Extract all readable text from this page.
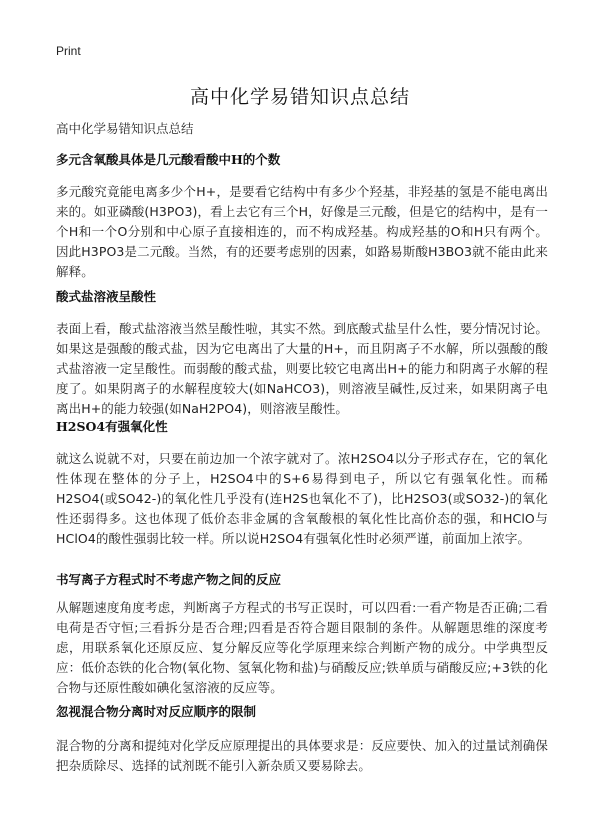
Print
高中化学易错知识点总结
高中化学易错知识点总结
多元含氧酸具体是几元酸看酸中H的个数

多元酸究竟能电离多少个H+，是要看它结构中有多少个羟基，非羟基的氢是不能电离出来的。如亚磷酸(H3PO3)，看上去它有三个H，好像是三元酸，但是它的结构中，是有一个H和一个O分别和中心原子直接相连的，而不构成羟基。构成羟基的O和H只有两个。因此H3PO3是二元酸。当然，有的还要考虑别的因素，如路易斯酸H3BO3就不能由此来解释。

酸式盐溶液呈酸性

表面上看，酸式盐溶液当然呈酸性啦，其实不然。到底酸式盐呈什么性，要分情况讨论。如果这是强酸的酸式盐，因为它电离出了大量的H+，而且阴离子不水解，所以强酸的酸式盐溶液一定呈酸性。而弱酸的酸式盐，则要比较它电离出H+的能力和阴离子水解的程度了。如果阴离子的水解程度较大(如NaHCO3)，则溶液呈碱性,反过来，如果阴离子电离出H+的能力较强(如NaH2PO4)，则溶液呈酸性。

H2SO4有强氧化性

就这么说就不对，只要在前边加一个浓字就对了。浓H2SO4以分子形式存在，它的氧化性体现在整体的分子上，H2SO4中的S+6易得到电子，所以它有强氧化性。而稀H2SO4(或SO42-)的氧化性几乎没有(连H2S也氧化不了)，比H2SO3(或SO32-)的氧化性还弱得多。这也体现了低价态非金属的含氧酸根的氧化性比高价态的强，和HClO与HClO4的酸性强弱比较一样。所以说H2SO4有强氧化性时必须严谨，前面加上浓字。

书写离子方程式时不考虑产物之间的反应

从解题速度角度考虑，判断离子方程式的书写正误时，可以四看:一看产物是否正确;二看电荷是否守恒;三看拆分是否合理;四看是否符合题目限制的条件。从解题思维的深度考虑，用联系氧化还原反应、复分解反应等化学原理来综合判断产物的成分。中学典型反应：低价态铁的化合物(氧化物、氢氧化物和盐)与硝酸反应;铁单质与硝酸反应;+3铁的化合物与还原性酸如碘化氢溶液的反应等。

忽视混合物分离时对反应顺序的限制

混合物的分离和提纯对化学反应原理提出的具体要求是：反应要快、加入的过量试剂确保把杂质除尽、选择的试剂既不能引入新杂质又要易除去。
